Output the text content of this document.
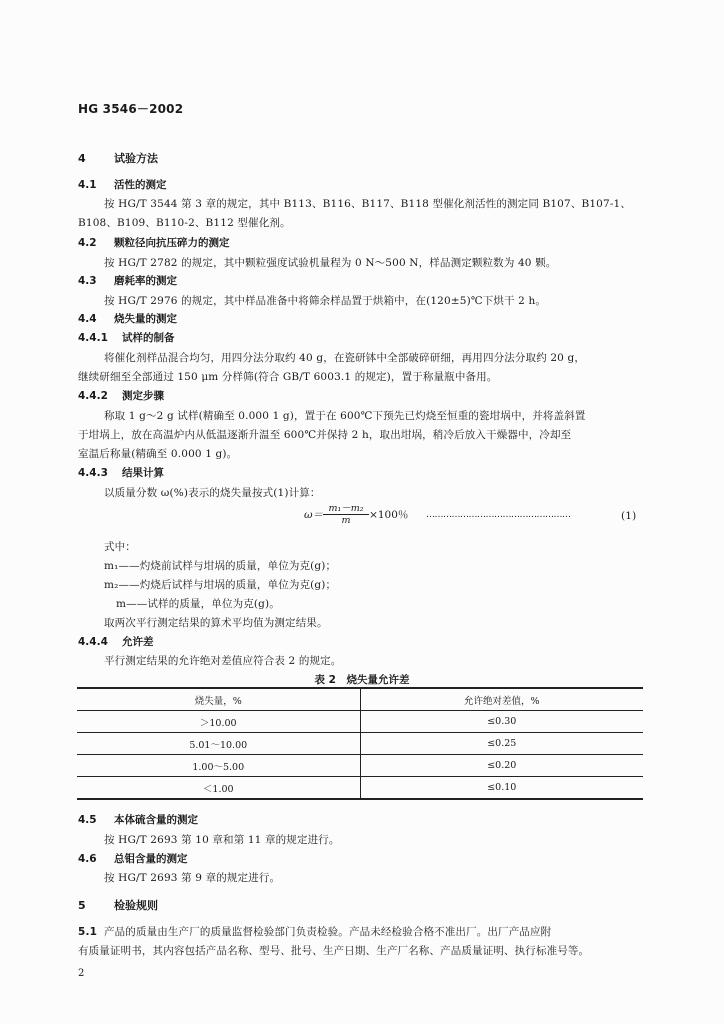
HG 3546－2002
4	试验方法
4.1 活性的测定
按 HG/T 3544 第 3 章的规定，其中 B113、B116、B117、B118 型催化剂活性的测定同 B107、B107-1、
B108、B109、B110-2、B112 型催化剂。
4.2 颗粒径向抗压碎力的测定
按 HG/T 2782 的规定，其中颗粒强度试验机量程为 0 N～500 N，样品测定颗粒数为 40 颗。
4.3 磨耗率的测定
按 HG/T 2976 的规定，其中样品准备中将筛余样品置于烘箱中，在(120±5)℃下烘干 2 h。
4.4 烧失量的测定
4.4.1 试样的制备
将催化剂样品混合均匀，用四分法分取约 40 g，在瓷研钵中全部破碎研细，再用四分法分取约 20 g，
继续研细至全部通过 150 μm 分样筛(符合 GB/T 6003.1 的规定)，置于称量瓶中备用。
4.4.2 测定步骤
称取 1 g～2 g 试样(精确至 0.000 1 g)，置于在 600℃下预先已灼烧至恒重的瓷坩埚中，并将盖斜置
于坩埚上，放在高温炉内从低温逐渐升温至 600℃并保持 2 h，取出坩埚，稍冷后放入干燥器中，冷却至
室温后称量(精确至 0.000 1 g)。
4.4.3 结果计算
以质量分数 ω(%)表示的烧失量按式(1)计算：
$\omega= \frac{\text{m₁－m₂}}{m} \times 100$％ ……………………………………………	(1)
式中：
m₁——灼烧前试样与坩埚的质量，单位为克(g)；
m₂——灼烧后试样与坩埚的质量，单位为克(g)；
m——试样的质量，单位为克(g)。
取两次平行测定结果的算术平均值为测定结果。
4.4.4 允许差
平行测定结果的允许绝对差值应符合表 2 的规定。
表 2　烧失量允许差
烧失量，%	允许绝对差值，%
＞10.00	≤0.30
5.01～10.00	≤0.25
1.00～5.00	≤0.20
＜1.00	≤0.10
4.5 本体硫含量的测定
按 HG/T 2693 第 10 章和第 11 章的规定进行。
4.6 总钼含量的测定
按 HG/T 2693 第 9 章的规定进行。
5	检验规则
5.1 产品的质量由生产厂的质量监督检验部门负责检验。产品未经检验合格不准出厂。出厂产品应附
有质量证明书，其内容包括产品名称、型号、批号、生产日期、生产厂名称、产品质量证明、执行标准号等。
2
